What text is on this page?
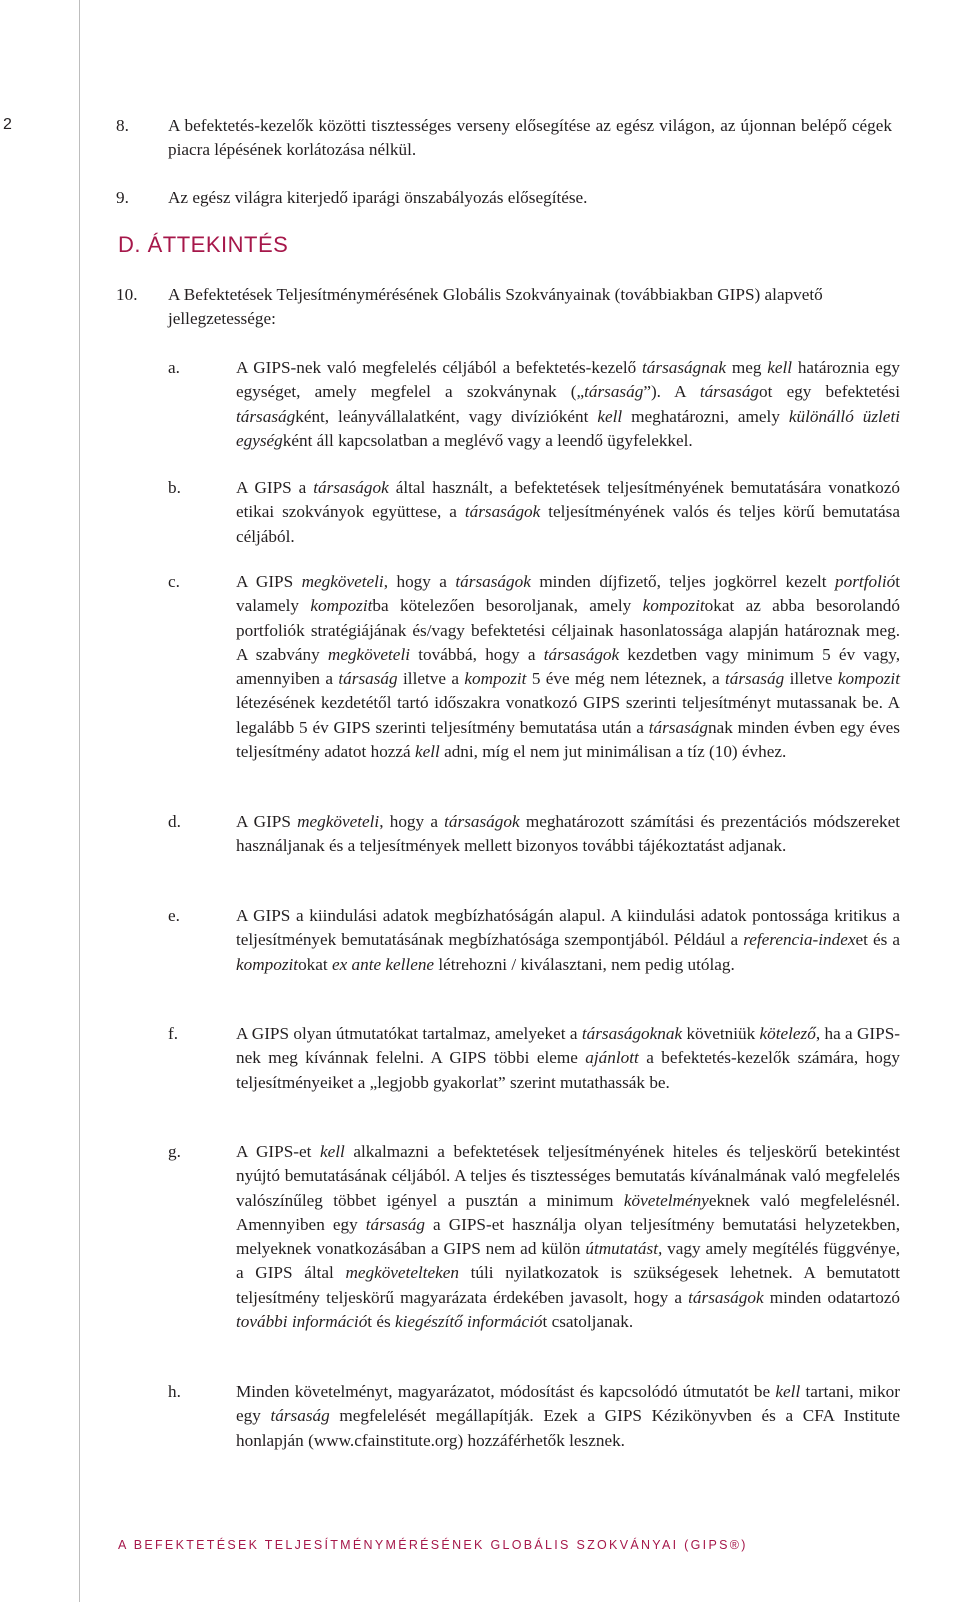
2	8. A befektetés-kezelők közötti tisztességes verseny elősegítése az egész világon, az újonnan belépő cégek piacra lépésének korlátozása nélkül.

9. Az egész világra kiterjedő iparági önszabályozás elősegítése.

D. ÁTTEKINTÉS
10. A Befektetések Teljesítménymérésének Globális Szokványainak (továbbiakban GIPS) alapvető jellegzetessége:

a.	A GIPS-nek való megfelelés céljából a befektetés-kezelő társaságnak meg kell határoznia egy egységet, amely megfelel a szokványnak („társaság”). A társaságot egy befektetési társaságként, leányvállalatként, vagy divízióként kell meghatározni, amely különálló üzleti egységként áll kapcsolatban a meglévő vagy a leendő ügyfelekkel.

b.	A GIPS a társaságok által használt, a befektetések teljesítményének bemutatására vonatkozó etikai szokványok együttese, a társaságok teljesítményének valós és teljes körű bemutatása céljából.

c.	A GIPS megköveteli, hogy a társaságok minden díjfizető, teljes jogkörrel kezelt portfoliót valamely kompozitba kötelezően besoroljanak, amely kompozitokat az abba besorolandó portfoliók stratégiájának és/vagy befektetési céljainak hasonlatossága alapján határoznak meg. A szabvány megköveteli továbbá, hogy a társaságok kezdetben vagy minimum 5 év vagy, amennyiben a társaság illetve a kompozit 5 éve még nem léteznek, a társaság illetve kompozit létezésének kezdetétől tartó időszakra vonatkozó GIPS szerinti teljesítményt mutassanak be. A legalább 5 év GIPS szerinti teljesítmény bemutatása után a társaságnak minden évben egy éves teljesítmény adatot hozzá kell adni, míg el nem jut minimálisan a tíz (10) évhez.

d.	A GIPS megköveteli, hogy a társaságok meghatározott számítási és prezentációs módszereket használjanak és a teljesítmények mellett bizonyos további tájékoztatást adjanak.

e.	A GIPS a kiindulási adatok megbízhatóságán alapul. A kiindulási adatok pontossága kritikus a teljesítmények bemutatásának megbízhatósága szempontjából. Például a referencia-indexet és a kompozitokat ex ante kellene létrehozni / kiválasztani, nem pedig utólag.

f.	A GIPS olyan útmutatókat tartalmaz, amelyeket a társaságoknak követniük kötelező, ha a GIPS-nek meg kívánnak felelni. A GIPS többi eleme ajánlott a befektetés-kezelők számára, hogy teljesítményeiket a „legjobb gyakorlat” szerint mutathassák be.

g.	A GIPS-et kell alkalmazni a befektetések teljesítményének hiteles és teljeskörű betekintést nyújtó bemutatásának céljából. A teljes és tisztességes bemutatás kívánalmának való megfelelés valószínűleg többet igényel a pusztán a minimum követelményeknek való megfelelésnél. Amennyiben egy társaság a GIPS-et használja olyan teljesítmény bemutatási helyzetekben, melyeknek vonatkozásában a GIPS nem ad külön útmutatást, vagy amely megítélés függvénye, a GIPS által megkövetelteken túli nyilatkozatok is szükségesek lehetnek. A bemutatott teljesítmény teljeskörű magyarázata érdekében javasolt, hogy a társaságok minden odatartozó további információt és kiegészítő információt csatoljanak.

h.	Minden követelményt, magyarázatot, módosítást és kapcsolódó útmutatót be kell tartani, mikor egy társaság megfelelését megállapítják. Ezek a GIPS Kézikönyvben és a CFA Institute honlapján (www.cfainstitute.org) hozzáférhetők lesznek.

A BEFEKTETÉSEK TELJESÍTMÉNYMÉRÉSÉNEK GLOBÁLIS SZOKVÁNYAI (GIPS®)
